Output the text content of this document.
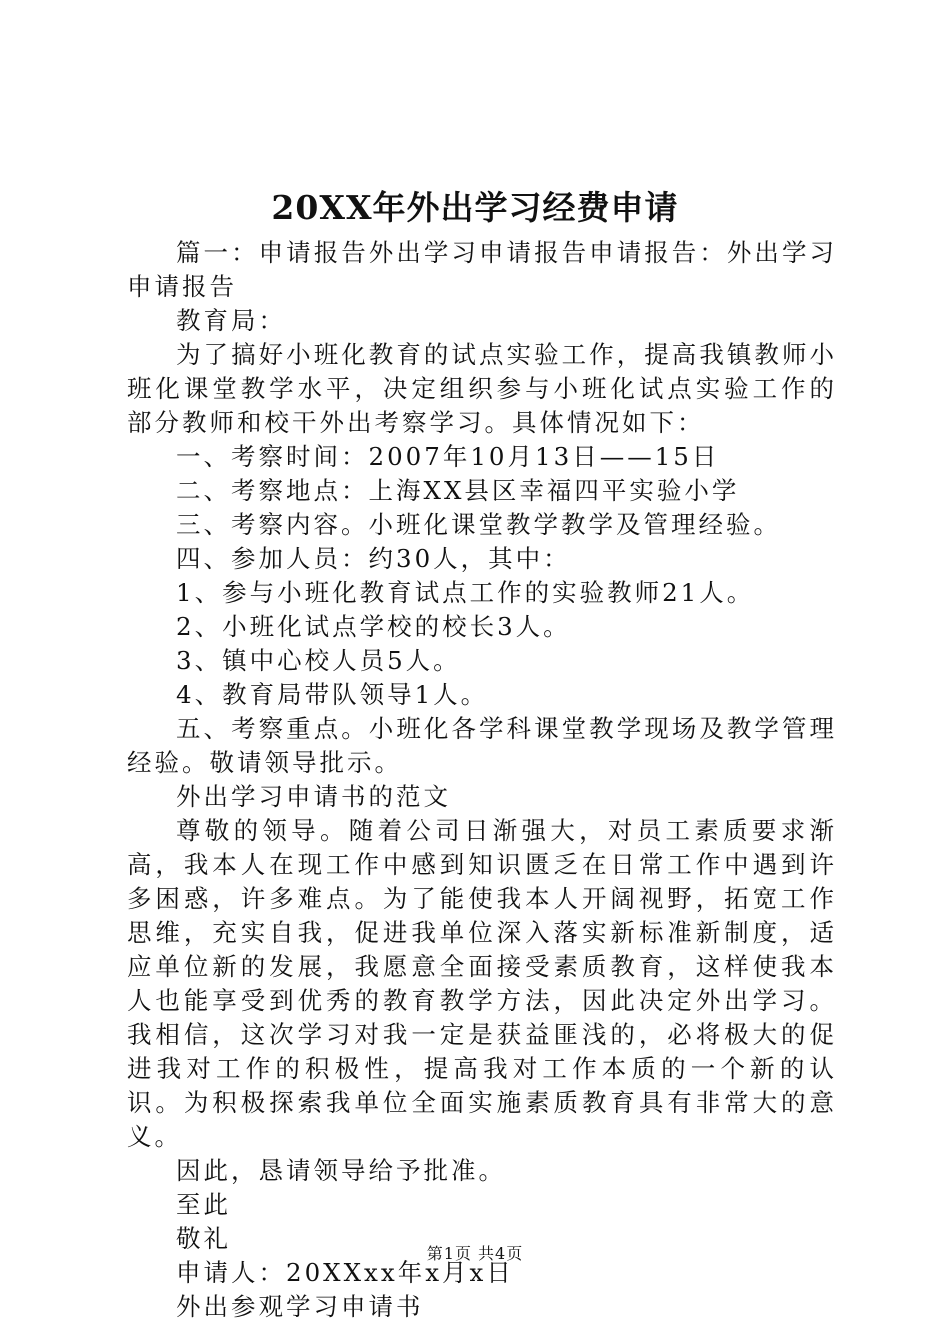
20XX年外出学习经费申请

篇一：申请报告外出学习申请报告申请报告：外出学习申请报告

教育局：

为了搞好小班化教育的试点实验工作，提高我镇教师小班化课堂教学水平，决定组织参与小班化试点实验工作的部分教师和校干外出考察学习。具体情况如下：

一、考察时间：2007年10月13日——15日

二、考察地点：上海XX县区幸福四平实验小学

三、考察内容。小班化课堂教学教学及管理经验。

四、参加人员：约30人，其中：

1、参与小班化教育试点工作的实验教师21人。

2、小班化试点学校的校长3人。

3、镇中心校人员5人。

4、教育局带队领导1人。

五、考察重点。小班化各学科课堂教学现场及教学管理经验。敬请领导批示。

外出学习申请书的范文

尊敬的领导。随着公司日渐强大，对员工素质要求渐高，我本人在现工作中感到知识匮乏在日常工作中遇到许多困惑，许多难点。为了能使我本人开阔视野，拓宽工作思维，充实自我，促进我单位深入落实新标准新制度，适应单位新的发展，我愿意全面接受素质教育，这样使我本人也能享受到优秀的教育教学方法，因此决定外出学习。我相信，这次学习对我一定是获益匪浅的，必将极大的促进我对工作的积极性，提高我对工作本质的一个新的认识。为积极探索我单位全面实施素质教育具有非常大的意义。

因此，恳请领导给予批准。

至此

敬礼

申请人：20XXxx年x月x日

外出参观学习申请书

第1页 共4页
